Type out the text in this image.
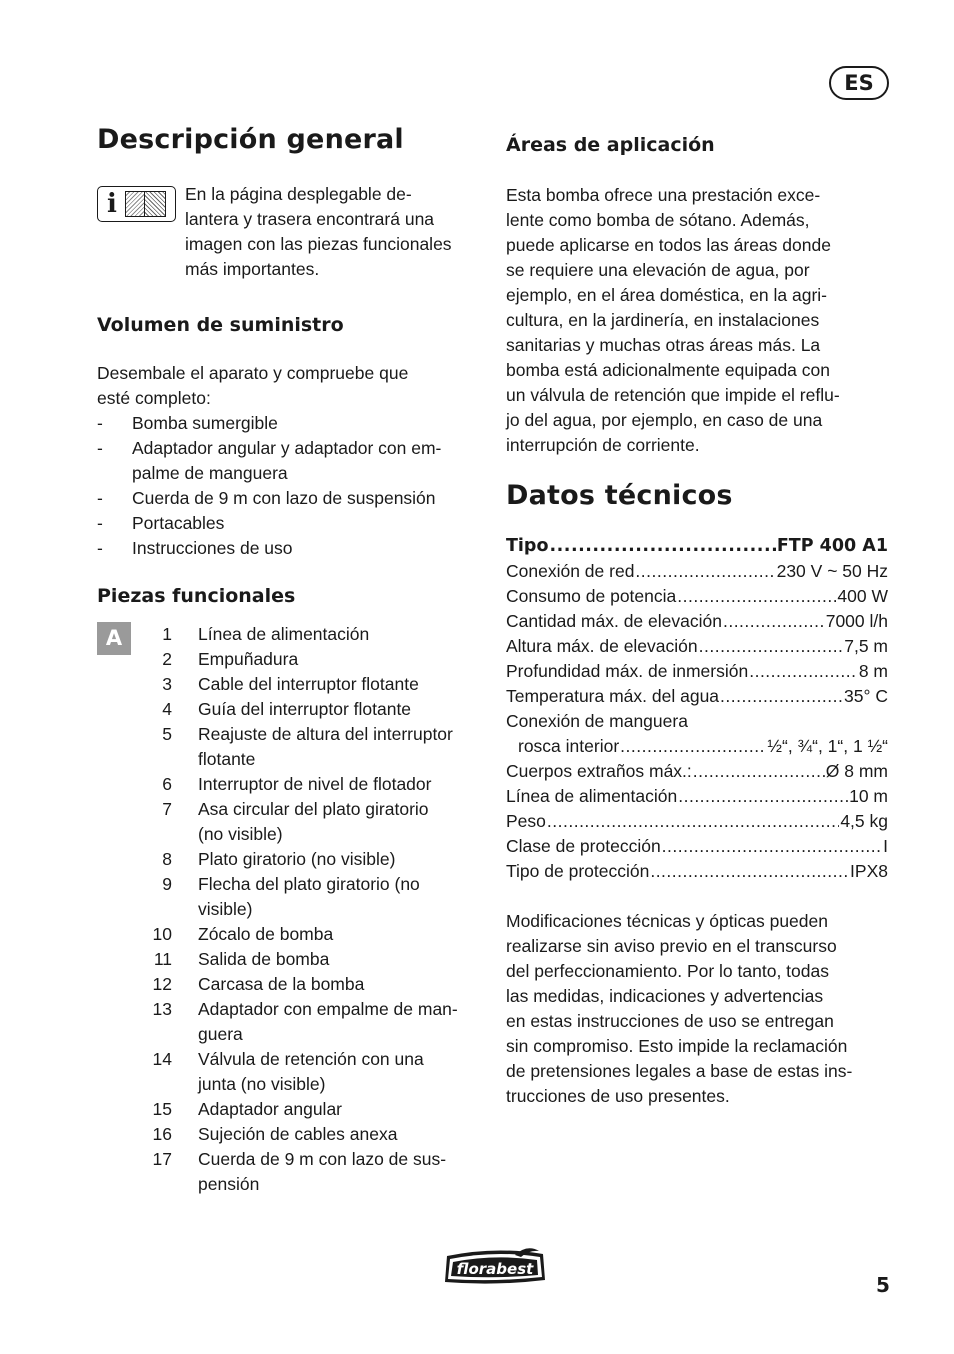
ES
Descripción general
i	En la página desplegable de-
lantera y trasera encontrará una
imagen con las piezas funcionales
más importantes.
Volumen de suministro
Desembale el aparato y compruebe que
esté completo:
-	Bomba sumergible
-	Adaptador angular y adaptador con em-
palme de manguera
-	Cuerda de 9 m con lazo de suspensión
-	Portacables
-	Instrucciones de uso
Piezas funcionales
A	1	Línea de alimentación
2	Empuñadura
3	Cable del interruptor flotante
4	Guía del interruptor flotante
5	Reajuste de altura del interruptor
flotante
6	Interruptor de nivel de flotador
7	Asa circular del plato giratorio
(no visible)
8	Plato giratorio (no visible)
9	Flecha del plato giratorio (no
visible)
10	Zócalo de bomba
11	Salida de bomba
12	Carcasa de la bomba
13	Adaptador con empalme de man-
guera
14	Válvula de retención con una
junta (no visible)
15	Adaptador angular
16	Sujeción de cables anexa
17	Cuerda de 9 m con lazo de sus-
pensión
Áreas de aplicación
Esta bomba ofrece una prestación exce-
lente como bomba de sótano. Además,
puede aplicarse en todos las áreas donde
se requiere una elevación de agua, por
ejemplo, en el área doméstica, en la agri-
cultura, en la jardinería, en instalaciones
sanitarias y muchas otras áreas más. La
bomba está adicionalmente equipada con
un válvula de retención que impide el reflu-
jo del agua, por ejemplo, en caso de una
interrupción de corriente.
Datos técnicos
Tipo .....	FTP 400 A1
Conexión de red .....	230 V ~ 50 Hz
Consumo de potencia .....	400 W
Cantidad máx. de elevación .....	7000 l/h
Altura máx. de elevación .....	7,5 m
Profundidad máx. de inmersión .....	8 m
Temperatura máx. del agua .....	35° C
Conexión de manguera
rosca interior .....	½“, ¾“, 1“, 1 ½“
Cuerpos extraños máx.: .....	Ø 8 mm
Línea de alimentación .....	10 m
Peso .....	4,5 kg
Clase de protección .....	I
Tipo de protección .....	IPX8
Modificaciones técnicas y ópticas pueden
realizarse sin aviso previo en el transcurso
del perfeccionamiento. Por lo tanto, todas
las medidas, indicaciones y advertencias
en estas instrucciones de uso se entregan
sin compromiso. Esto impide la reclamación
de pretensiones legales a base de estas ins-
trucciones de uso presentes.
florabest
5
